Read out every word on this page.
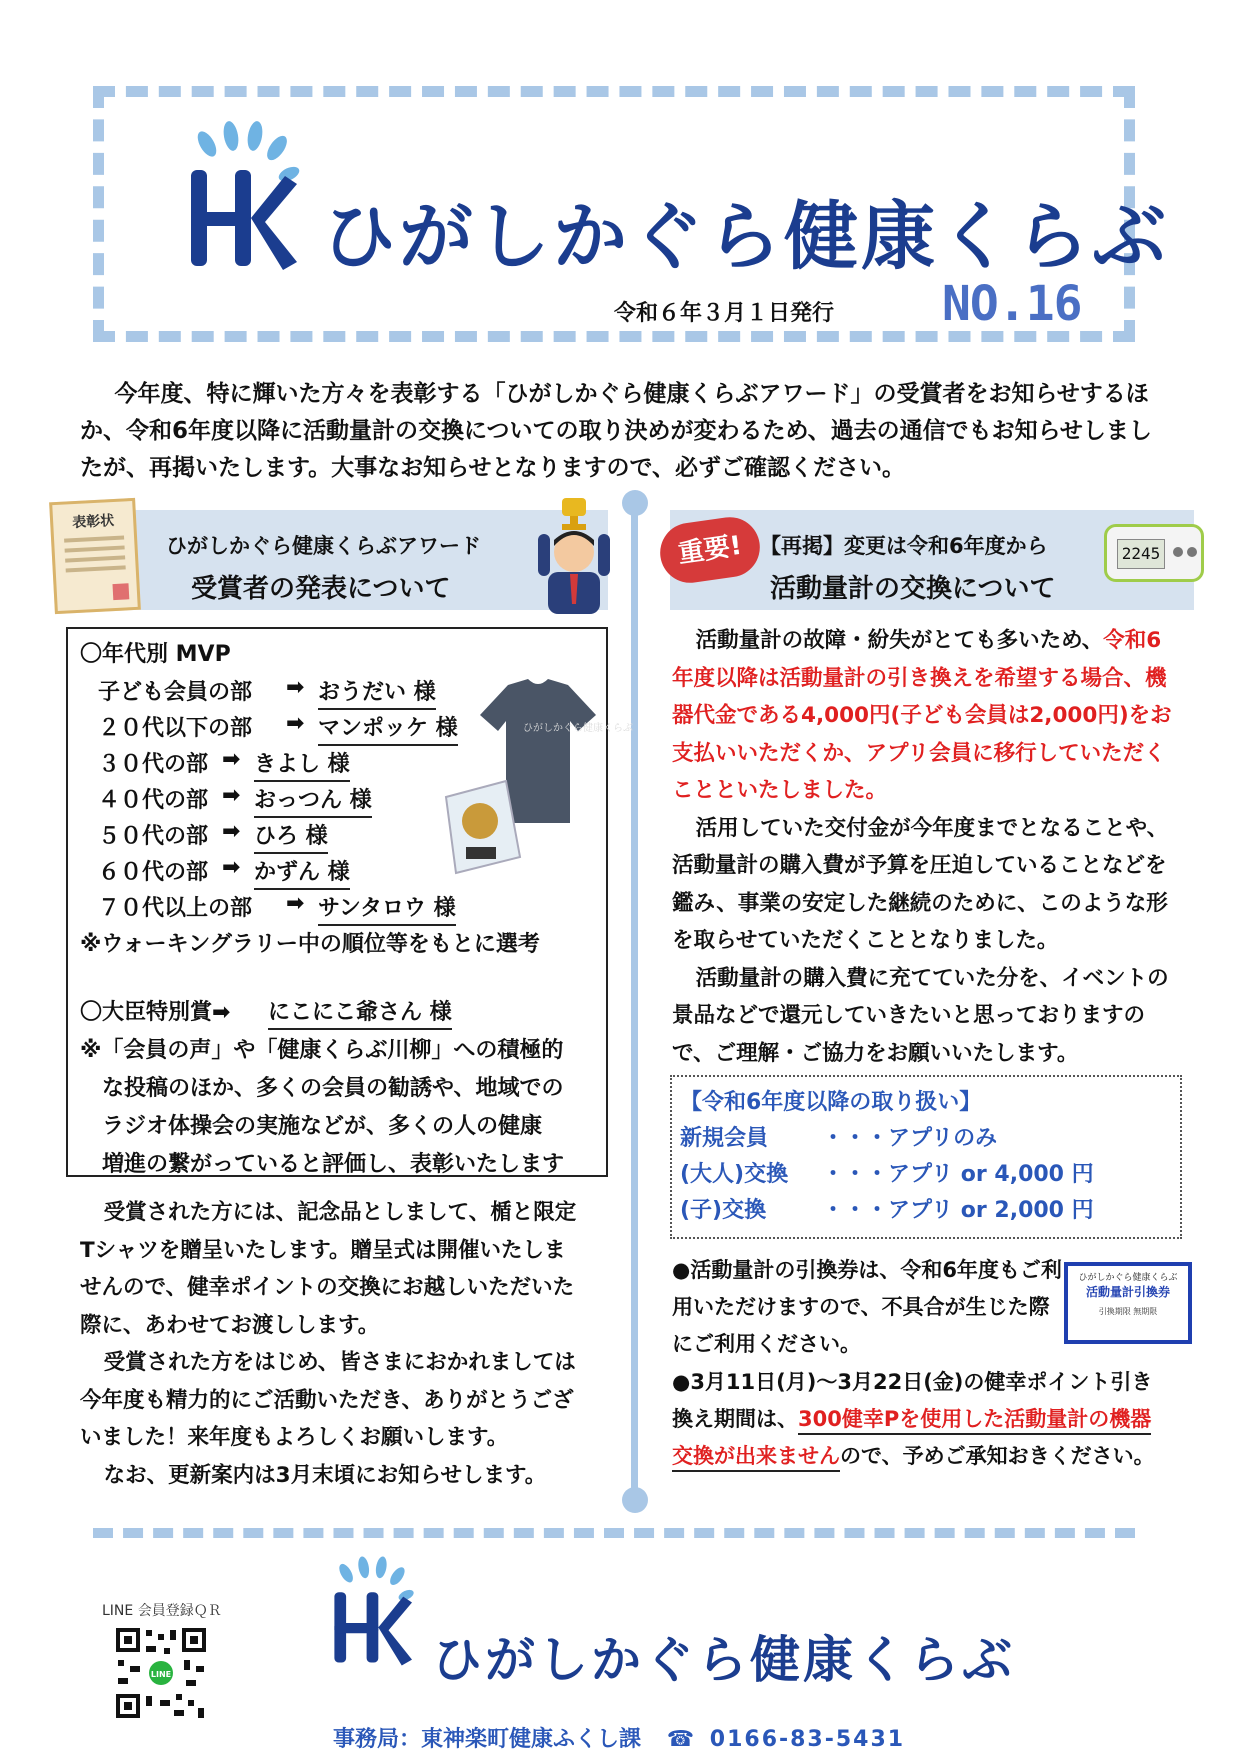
ひがしかぐら健康くらぶ
令和６年３月１日発行 NO.16
今年度、特に輝いた方々を表彰する「ひがしかぐら健康くらぶアワード」の受賞者をお知らせするほか、令和6年度以降に活動量計の交換についての取り決めが変わるため、過去の通信でもお知らせしましたが、再掲いたします。大事なお知らせとなりますので、必ずご確認ください。
ひがしかぐら健康くらぶアワード
受賞者の発表について
表彰状
【再掲】変更は令和6年度から
活動量計の交換について
重要!	2245
〇年代別 MVP
子ども会員の部 ➡ おうだい 様
２０代以下の部 ➡ マンポッケ 様
３０代の部 ➡ きよし 様
４０代の部 ➡ おっつん 様
５０代の部 ➡ ひろ 様
６０代の部 ➡ かずん 様
７０代以上の部 ➡ サンタロウ 様
※ウォーキングラリー中の順位等をもとに選考
〇大臣特別賞➡ にこにこ爺さん 様
※「会員の声」や「健康くらぶ川柳」への積極的
な投稿のほか、多くの会員の勧誘や、地域での
ラジオ体操会の実施などが、多くの人の健康
増進の繋がっていると評価し、表彰いたします
ひがしかぐら健康くらぶ
受賞された方には、記念品としまして、楯と限定Tシャツを贈呈いたします。贈呈式は開催いたしませんので、健幸ポイントの交換にお越しいただいた際に、あわせてお渡しします。
受賞された方をはじめ、皆さまにおかれましては今年度も精力的にご活動いただき、ありがとうございました！来年度もよろしくお願いします。
なお、更新案内は3月末頃にお知らせします。
活動量計の故障・紛失がとても多いため、令和6年度以降は活動量計の引き換えを希望する場合、機器代金である4,000円(子ども会員は2,000円)をお支払いいただくか、アプリ会員に移行していただくことといたしました。
活用していた交付金が今年度までとなることや、活動量計の購入費が予算を圧迫していることなどを鑑み、事業の安定した継続のために、このような形を取らせていただくこととなりました。
活動量計の購入費に充てていた分を、イベントの景品などで還元していきたいと思っておりますので、ご理解・ご協力をお願いいたします。
【令和6年度以降の取り扱い】
新規会員 ・・・アプリのみ
(大人)交換 ・・・アプリ or 4,000 円
(子)交換	・・・アプリ or 2,000 円
●活動量計の引換券は、令和6年度もご利用いただけますので、不具合が生じた際にご利用ください。
ひがしかぐら健康くらぶ
活動量計引換券
引換期限 無期限
●3月11日(月)～3月22日(金)の健幸ポイント引き換え期間は、300健幸Pを使用した活動量計の機器交換が出来ませんので、予めご承知おきください。
LINE 会員登録ＱＲ
LINE	ひがしかぐら健康くらぶ
事務局：東神楽町健康ふくし課 ☎ 0166-83-5431
